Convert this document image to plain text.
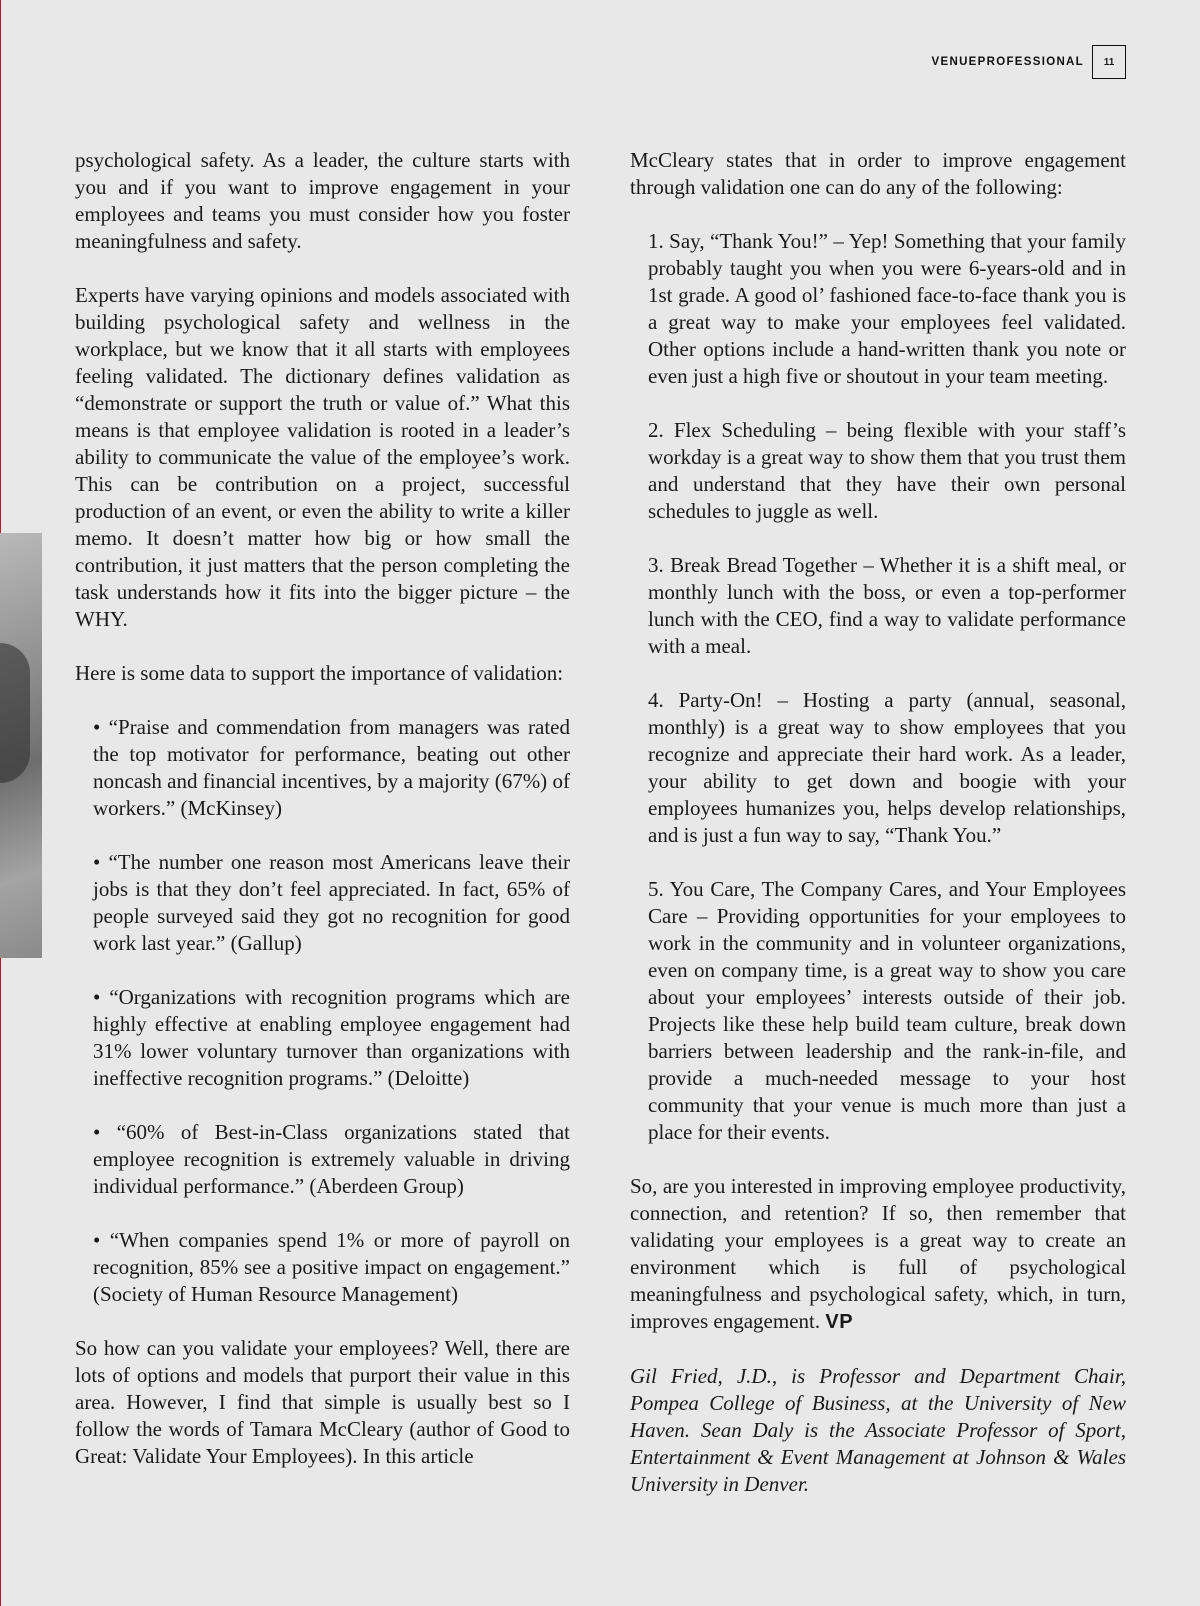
VENUEPROFESSIONAL	11

psychological safety. As a leader, the culture starts with you and if you want to improve engagement in your employees and teams you must consider how you foster meaningfulness and safety.

Experts have varying opinions and models associated with building psychological safety and wellness in the workplace, but we know that it all starts with employees feeling validated. The dictionary defines validation as “demonstrate or support the truth or value of.” What this means is that employee validation is rooted in a leader’s ability to communicate the value of the employee’s work. This can be contribution on a project, successful production of an event, or even the ability to write a killer memo. It doesn’t matter how big or how small the contribution, it just matters that the person completing the task understands how it fits into the bigger picture – the WHY.

Here is some data to support the importance of validation:

• “Praise and commendation from managers was rated the top motivator for performance, beating out other noncash and financial incentives, by a majority (67%) of workers.” (McKinsey)

• “The number one reason most Americans leave their jobs is that they don’t feel appreciated. In fact, 65% of people surveyed said they got no recognition for good work last year.” (Gallup)

• “Organizations with recognition programs which are highly effective at enabling employee engagement had 31% lower voluntary turnover than organizations with ineffective recognition programs.” (Deloitte)

• “60% of Best-in-Class organizations stated that employee recognition is extremely valuable in driving individual performance.” (Aberdeen Group)

• “When companies spend 1% or more of payroll on recognition, 85% see a positive impact on engagement.” (Society of Human Resource Management)

So how can you validate your employees? Well, there are lots of options and models that purport their value in this area. However, I find that simple is usually best so I follow the words of Tamara McCleary (author of Good to Great: Validate Your Employees). In this article

McCleary states that in order to improve engagement through validation one can do any of the following:

1. Say, “Thank You!” – Yep! Something that your family probably taught you when you were 6-years-old and in 1st grade. A good ol’ fashioned face-to-face thank you is a great way to make your employees feel validated. Other options include a hand-written thank you note or even just a high five or shoutout in your team meeting.

2. Flex Scheduling – being flexible with your staff’s workday is a great way to show them that you trust them and understand that they have their own personal schedules to juggle as well.

3. Break Bread Together – Whether it is a shift meal, or monthly lunch with the boss, or even a top-performer lunch with the CEO, find a way to validate performance with a meal.

4. Party-On! – Hosting a party (annual, seasonal, monthly) is a great way to show employees that you recognize and appreciate their hard work. As a leader, your ability to get down and boogie with your employees humanizes you, helps develop relationships, and is just a fun way to say, “Thank You.”

5. You Care, The Company Cares, and Your Employees Care – Providing opportunities for your employees to work in the community and in volunteer organizations, even on company time, is a great way to show you care about your employees’ interests outside of their job. Projects like these help build team culture, break down barriers between leadership and the rank-in-file, and provide a much-needed message to your host community that your venue is much more than just a place for their events.

So, are you interested in improving employee productivity, connection, and retention? If so, then remember that validating your employees is a great way to create an environment which is full of psychological meaningfulness and psychological safety, which, in turn, improves engagement. VP

Gil Fried, J.D., is Professor and Department Chair, Pompea College of Business, at the University of New Haven. Sean Daly is the Associate Professor of Sport, Entertainment & Event Management at Johnson & Wales University in Denver.
